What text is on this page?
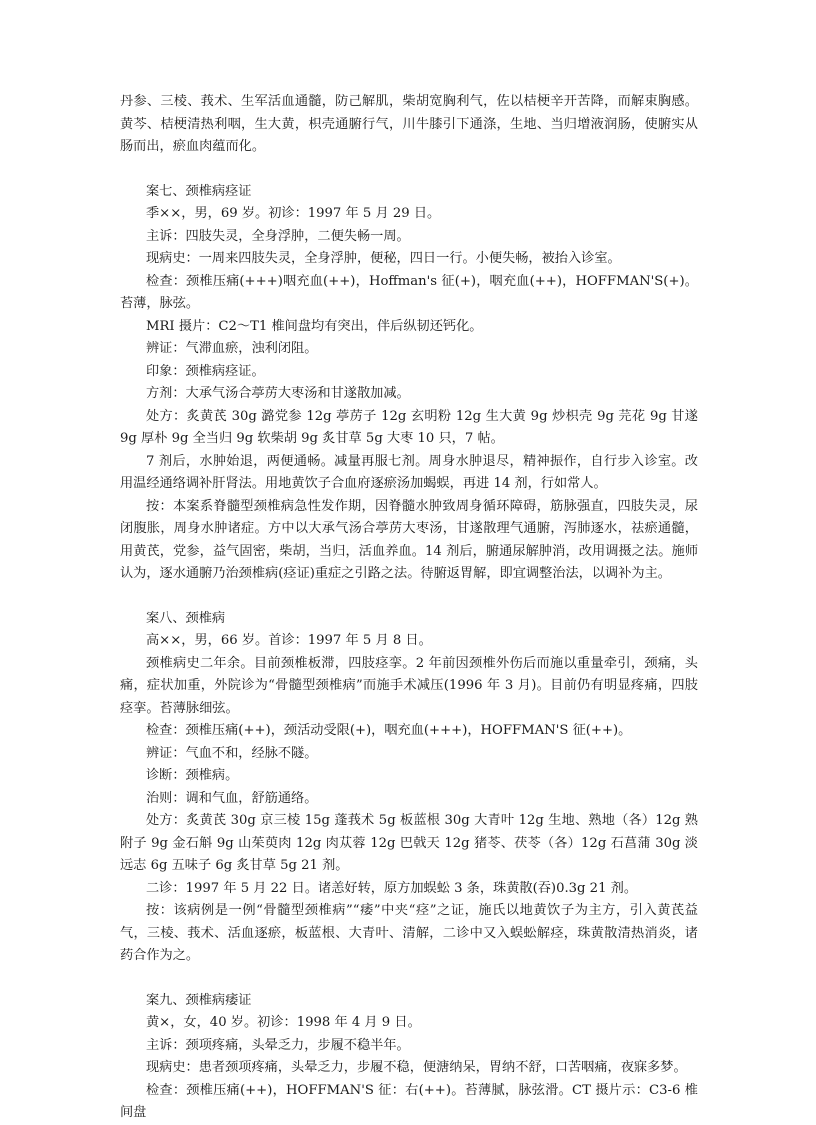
丹参、三棱、莪术、生军活血通髓，防己解肌，柴胡宽胸利气，佐以桔梗辛开苦降，而解束胸感。黄芩、桔梗清热利咽，生大黄，枳壳通腑行气，川牛膝引下通涤，生地、当归增液润肠，使腑实从肠而出，瘀血肉蕴而化。

案七、颈椎病痉证

季××，男，69 岁。初诊：1997 年 5 月 29 日。

主诉：四肢失灵，全身浮肿，二便失畅一周。

现病史：一周来四肢失灵，全身浮肿，便秘，四日一行。小便失畅，被抬入诊室。

检查：颈椎压痛(+++)咽充血(++)，Hoffman's 征(+)，咽充血(++)，HOFFMAN'S(+)。苔薄，脉弦。

MRI 摄片：C2～T1 椎间盘均有突出，伴后纵韧还钙化。

辨证：气滞血瘀，浊利闭阻。

印象：颈椎病痉证。

方剂：大承气汤合葶苈大枣汤和甘遂散加减。

处方：炙黄芪 30g 潞党参 12g 葶苈子 12g 玄明粉 12g 生大黄 9g 炒枳壳 9g 芫花 9g 甘遂 9g 厚朴 9g 全当归 9g 软柴胡 9g 炙甘草 5g 大枣 10 只，7 帖。

7 剂后，水肿始退，两便通畅。减量再服七剂。周身水肿退尽，精神振作，自行步入诊室。改用温经通络调补肝肾法。用地黄饮子合血府逐瘀汤加蝎蜈，再进 14 剂，行如常人。

按：本案系脊髓型颈椎病急性发作期，因脊髓水肿致周身循环障碍，筋脉强直，四肢失灵，尿闭腹胀，周身水肿诸症。方中以大承气汤合葶苈大枣汤，甘遂散理气通腑，泻肺逐水，祛瘀通髓，用黄芪，党参，益气固密，柴胡，当归，活血养血。14 剂后，腑通尿解肿消，改用调摄之法。施师认为，逐水通腑乃治颈椎病(痉证)重症之引路之法。待腑返胃解，即宜调整治法，以调补为主。

案八、颈椎病

高××，男，66 岁。首诊：1997 年 5 月 8 日。

颈椎病史二年余。目前颈椎板滞，四肢痉挛。2 年前因颈椎外伤后而施以重量牵引，颈痛，头痛，症状加重，外院诊为“骨髓型颈椎病”而施手术减压(1996 年 3 月)。目前仍有明显疼痛，四肢痉挛。苔薄脉细弦。

检查：颈椎压痛(++)，颈活动受限(+)，咽充血(+++)，HOFFMAN'S 征(++)。

辨证：气血不和，经脉不隧。

诊断：颈椎病。

治则：调和气血，舒筋通络。

处方：炙黄芪 30g 京三棱 15g 蓬莪术 5g 板蓝根 30g 大青叶 12g 生地、熟地（各）12g 熟附子 9g 金石斛 9g 山茱萸肉 12g 肉苁蓉 12g 巴戟天 12g 猪苓、茯苓（各）12g 石菖蒲 30g 淡远志 6g 五味子 6g 炙甘草 5g 21 剂。

二诊：1997 年 5 月 22 日。诸恙好转，原方加蜈蚣 3 条，珠黄散(吞)0.3g 21 剂。

按：该病例是一例“骨髓型颈椎病”“痿”中夹“痉”之证，施氏以地黄饮子为主方，引入黄芪益气，三棱、莪术、活血逐瘀，板蓝根、大青叶、清解，二诊中又入蜈蚣解痉，珠黄散清热消炎，诸药合作为之。

案九、颈椎病痿证

黄×，女，40 岁。初诊：1998 年 4 月 9 日。

主诉：颈项疼痛，头晕乏力，步履不稳半年。

现病史：患者颈项疼痛，头晕乏力，步履不稳，便溏纳呆，胃纳不舒，口苦咽痛，夜寐多梦。

检查：颈椎压痛(++)，HOFFMAN'S 征：右(++)。苔薄腻，脉弦滑。CT 摄片示：C3-6 椎间盘
